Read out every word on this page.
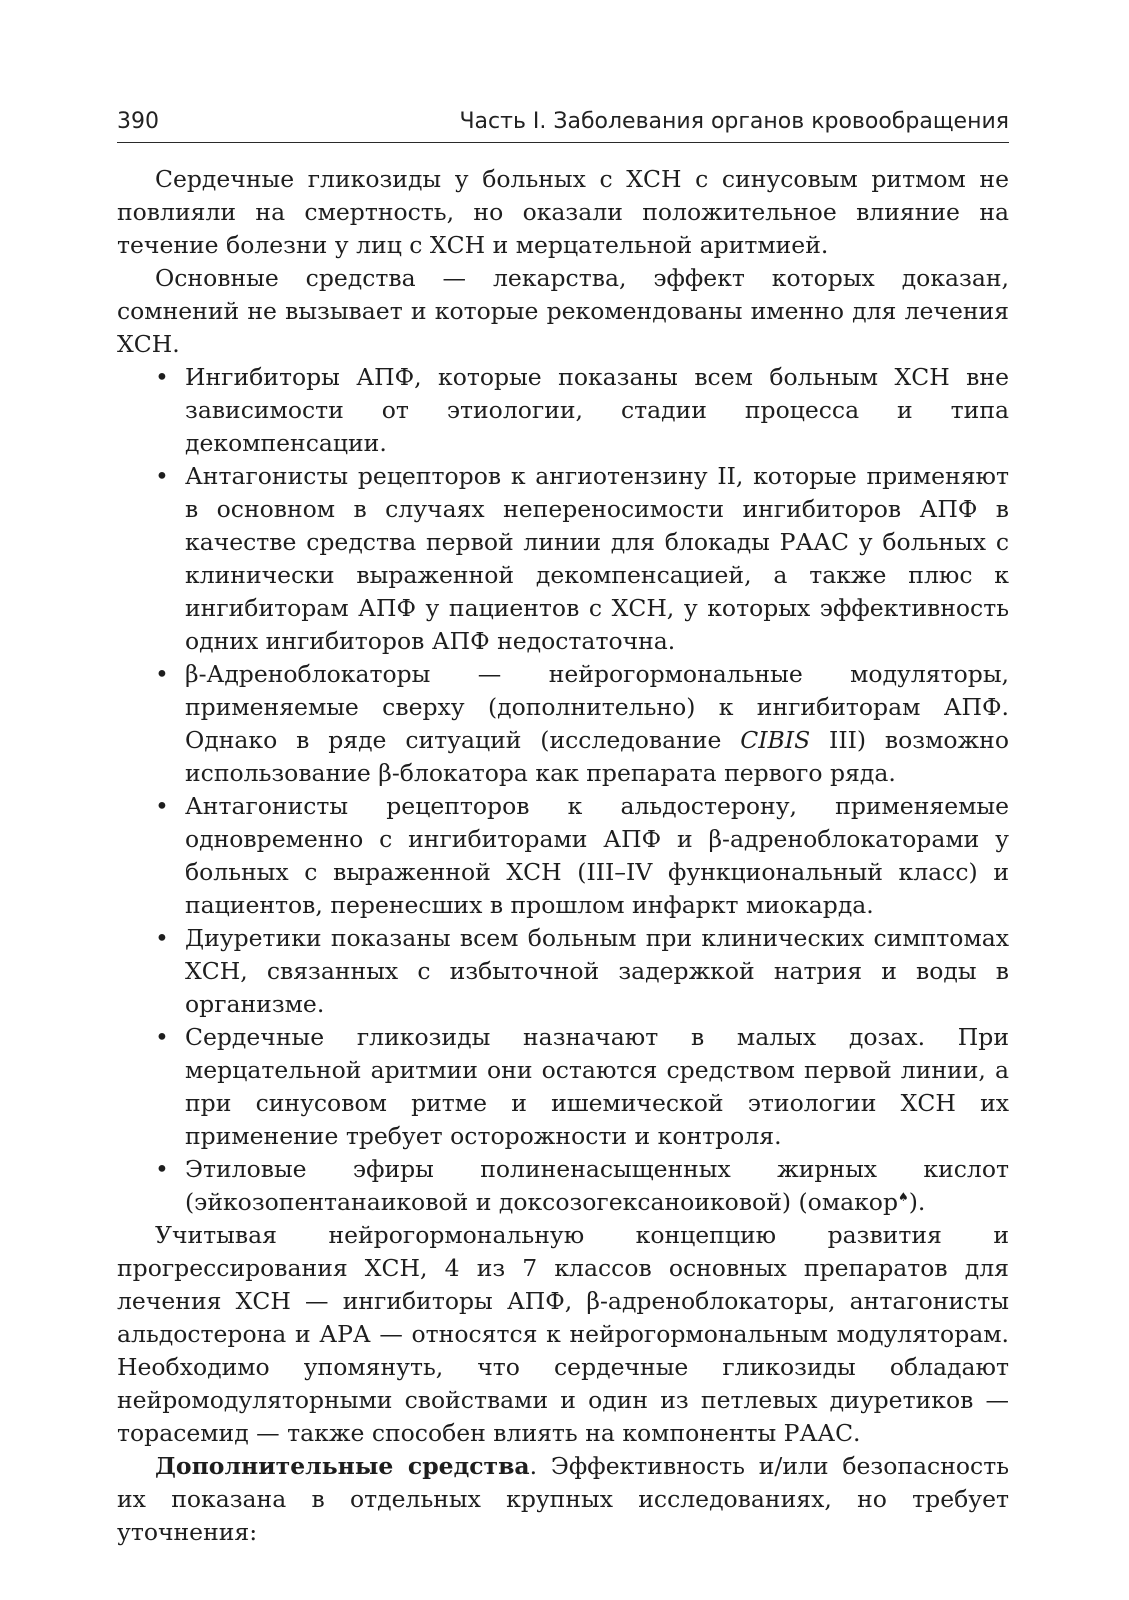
390	Часть I. Заболевания органов кровообращения

Сердечные гликозиды у больных с ХСН с синусовым ритмом не повлияли на смертность, но оказали положительное влияние на течение болезни у лиц с ХСН и мерцательной аритмией.

Основные средства — лекарства, эффект которых доказан, сомнений не вызывает и которые рекомендованы именно для лечения ХСН.

• Ингибиторы АПФ, которые показаны всем больным ХСН вне зависимости от этиологии, стадии процесса и типа декомпенсации.
• Антагонисты рецепторов к ангиотензину II, которые применяют в основном в случаях непереносимости ингибиторов АПФ в качестве средства первой линии для блокады РААС у больных с клинически выраженной декомпенсацией, а также плюс к ингибиторам АПФ у пациентов с ХСН, у которых эффективность одних ингибиторов АПФ недостаточна.
• β-Адреноблокаторы — нейрогормональные модуляторы, применяемые сверху (дополнительно) к ингибиторам АПФ. Однако в ряде ситуаций (исследование CIBIS III) возможно использование β-блокатора как препарата первого ряда.
• Антагонисты рецепторов к альдостерону, применяемые одновременно с ингибиторами АПФ и β-адреноблокаторами у больных с выраженной ХСН (III–IV функциональный класс) и пациентов, перенесших в прошлом инфаркт миокарда.
• Диуретики показаны всем больным при клинических симптомах ХСН, связанных с избыточной задержкой натрия и воды в организме.
• Сердечные гликозиды назначают в малых дозах. При мерцательной аритмии они остаются средством первой линии, а при синусовом ритме и ишемической этиологии ХСН их применение требует осторожности и контроля.
• Этиловые эфиры полиненасыщенных жирных кислот (эйкозопентанаиковой и доксозогексаноиковой) (омакор♠).

Учитывая нейрогормональную концепцию развития и прогрессирования ХСН, 4 из 7 классов основных препаратов для лечения ХСН — ингибиторы АПФ, β-адреноблокаторы, антагонисты альдостерона и АРА — относятся к нейрогормональным модуляторам. Необходимо упомянуть, что сердечные гликозиды обладают нейромодуляторными свойствами и один из петлевых диуретиков — торасемид — также способен влиять на компоненты РААС.

Дополнительные средства. Эффективность и/или безопасность их показана в отдельных крупных исследованиях, но требует уточнения:
